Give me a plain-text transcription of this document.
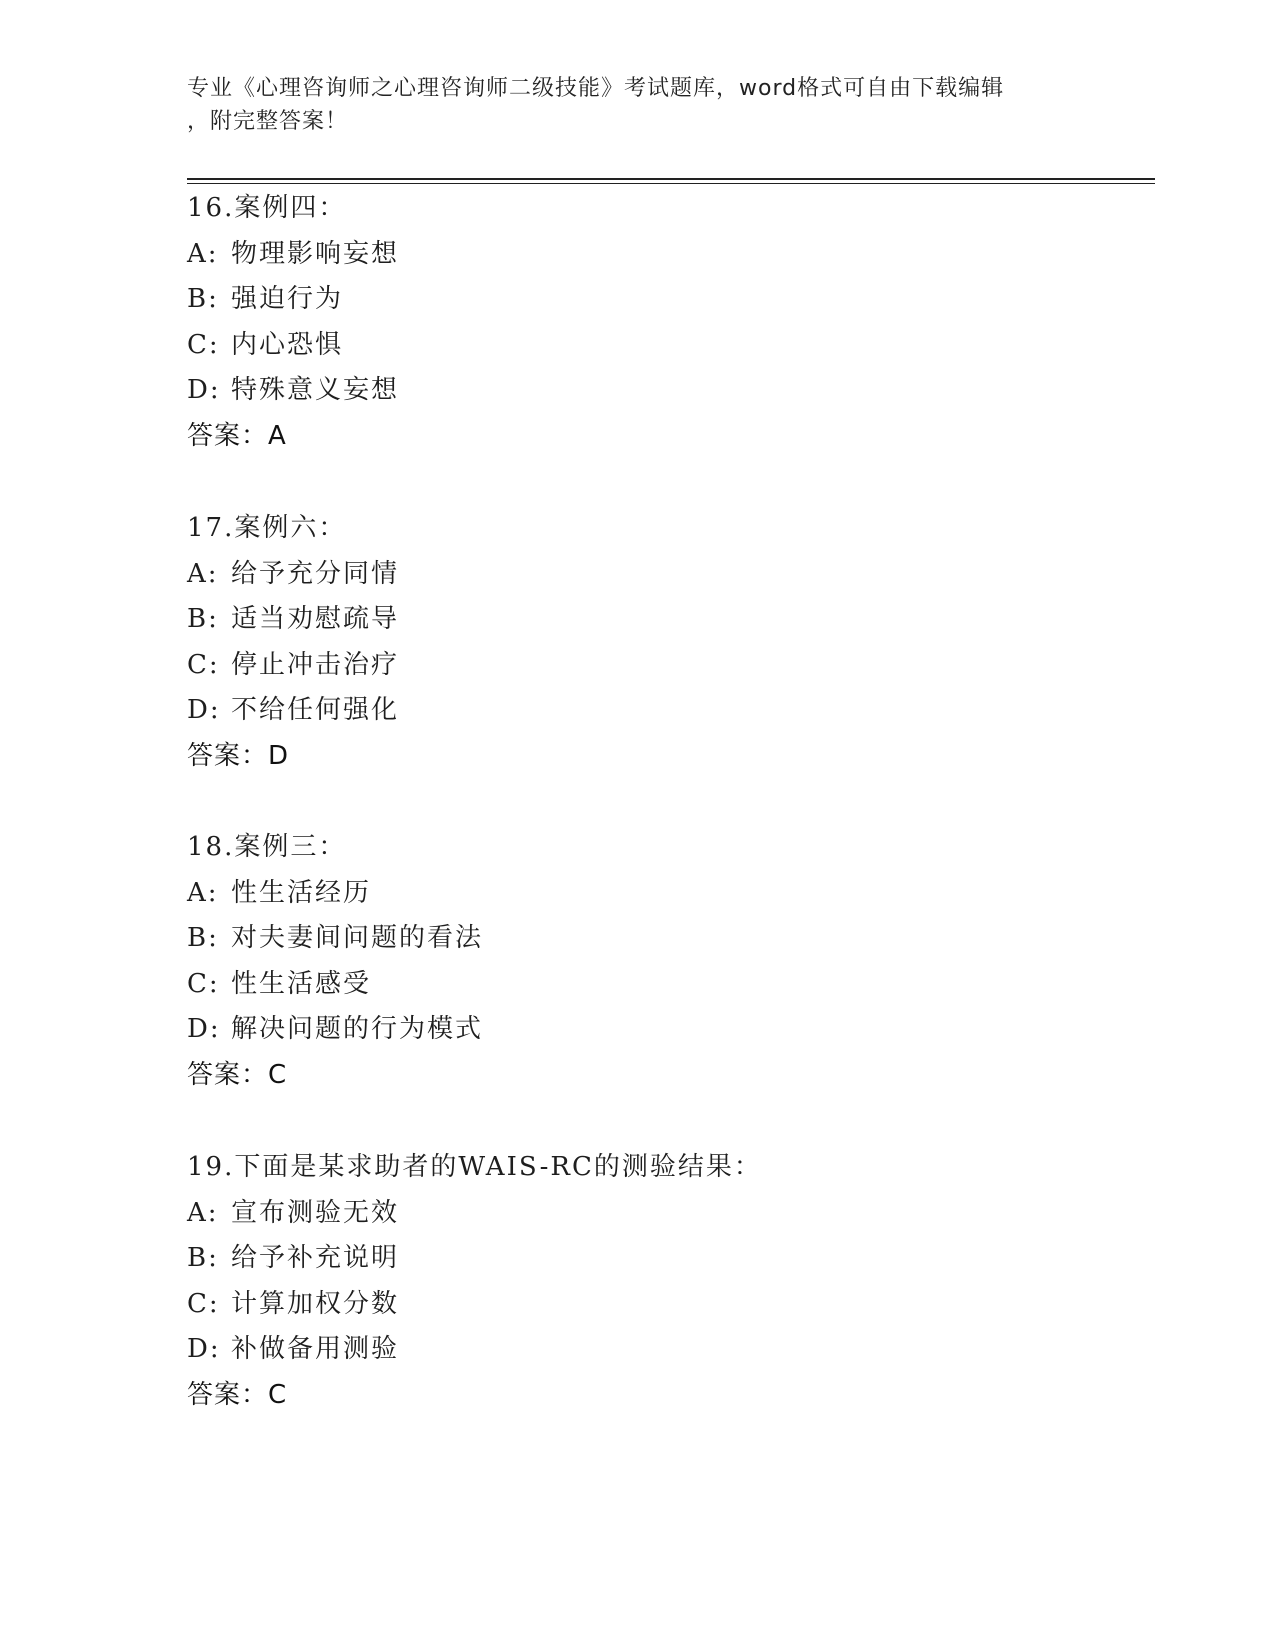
专业《心理咨询师之心理咨询师二级技能》考试题库，word格式可自由下载编辑
，附完整答案！
16.案例四：
A: 物理影响妄想
B: 强迫行为
C: 内心恐惧
D: 特殊意义妄想
答案：A
17.案例六：
A: 给予充分同情
B: 适当劝慰疏导
C: 停止冲击治疗
D: 不给任何强化
答案：D
18.案例三：
A: 性生活经历
B: 对夫妻间问题的看法
C: 性生活感受
D: 解决问题的行为模式
答案：C
19.下面是某求助者的WAIS-RC的测验结果：
A: 宣布测验无效
B: 给予补充说明
C: 计算加权分数
D: 补做备用测验
答案：C
